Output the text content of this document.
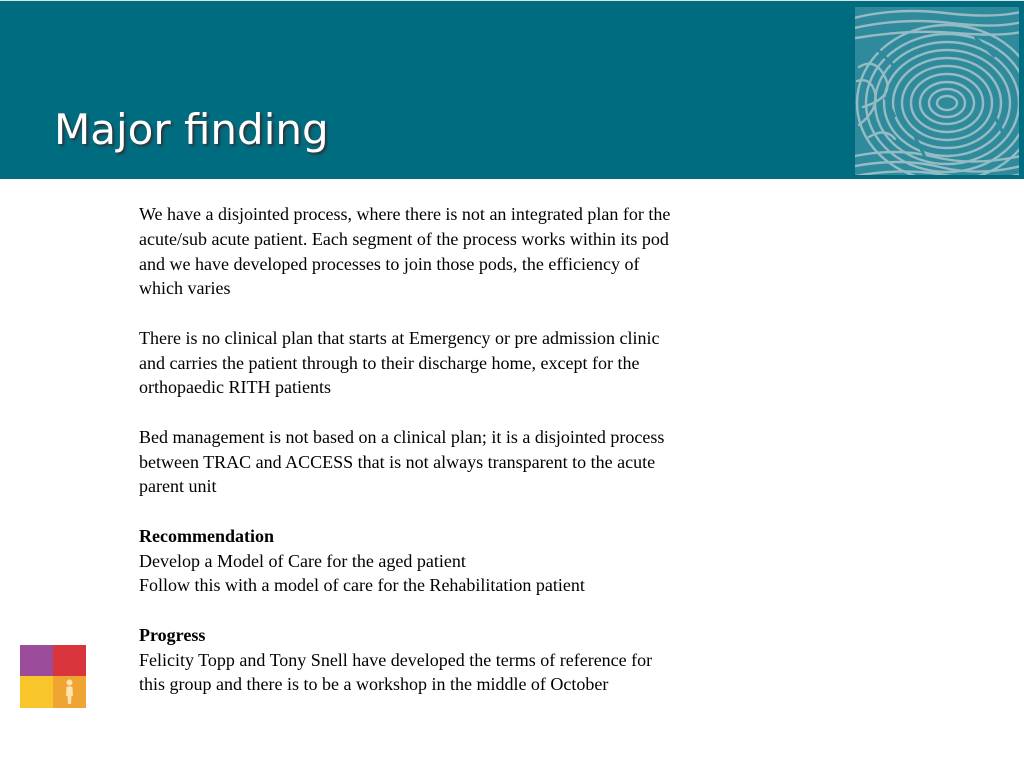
Major finding

We have a disjointed process, where there is not an integrated plan for the
acute/sub acute patient. Each segment of the process works within its pod
and we have developed processes to join those pods, the efficiency of
which varies

There is no clinical plan that starts at Emergency or pre admission clinic
and carries the patient through to their discharge home, except for the
orthopaedic RITH patients

Bed management is not based on a clinical plan; it is a disjointed process
between TRAC and ACCESS that is not always transparent to the acute
parent unit

Recommendation
Develop a Model of Care for the aged patient
Follow this with a model of care for the Rehabilitation patient

Progress
Felicity Topp and Tony Snell have developed the terms of reference for
this group and there is to be a workshop in the middle of October
